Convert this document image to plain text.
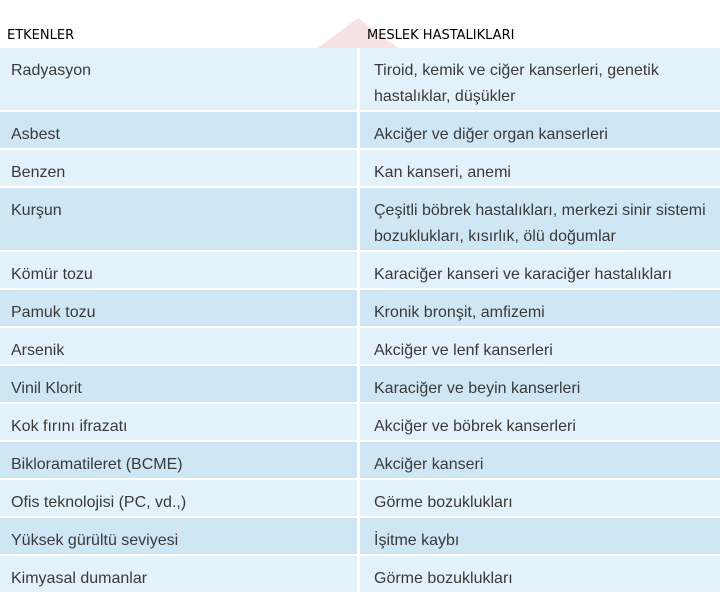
ETKENLER	MESLEK HASTALIKLARI
Radyasyon	Tiroid, kemik ve ciğer kanserleri, genetik hastalıklar, düşükler
Asbest	Akciğer ve diğer organ kanserleri
Benzen	Kan kanseri, anemi
Kurşun	Çeşitli böbrek hastalıkları, merkezi sinir sistemi bozuklukları, kısırlık, ölü doğumlar
Kömür tozu	Karaciğer kanseri ve karaciğer hastalıkları
Pamuk tozu	Kronik bronşit, amfizemi
Arsenik	Akciğer ve lenf kanserleri
Vinil Klorit	Karaciğer ve beyin kanserleri
Kok fırını ifrazatı	Akciğer ve böbrek kanserleri
Bikloramatileret (BCME)	Akciğer kanseri
Ofis teknolojisi (PC, vd.,)	Görme bozuklukları
Yüksek gürültü seviyesi	İşitme kaybı
Kimyasal dumanlar	Görme bozuklukları
